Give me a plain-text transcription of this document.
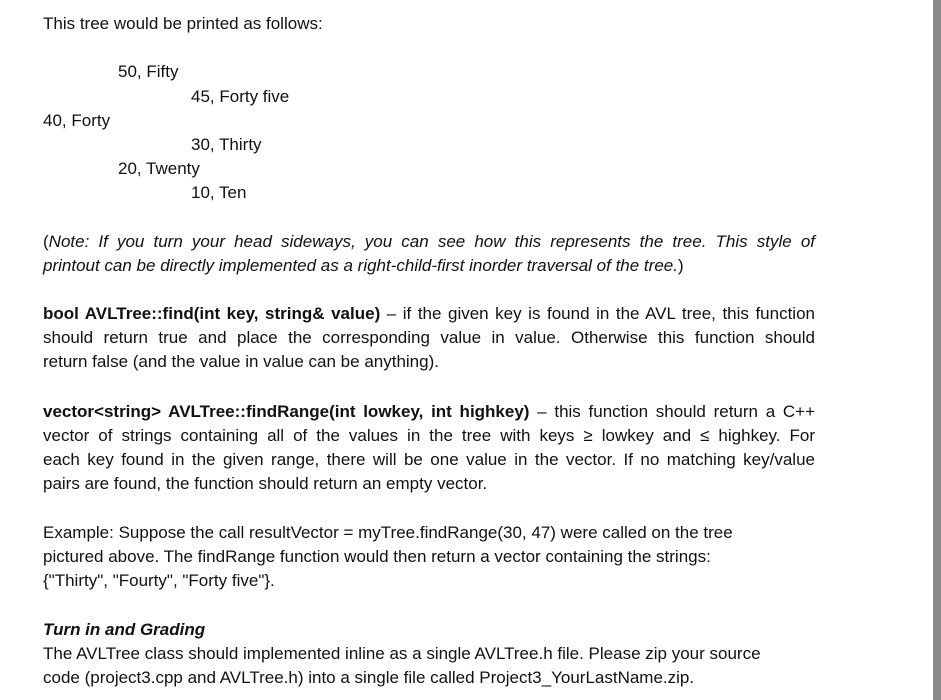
This tree would be printed as follows:
50, Fifty
45, Forty five
40, Forty
30, Thirty
20, Twenty
10, Ten
(Note: If you turn your head sideways, you can see how this represents the tree. This style of
printout can be directly implemented as a right-child-first inorder traversal of the tree.)
bool AVLTree::find(int key, string& value) – if the given key is found in the AVL tree, this function
should return true and place the corresponding value in value. Otherwise this function should
return false (and the value in value can be anything).
vector<string> AVLTree::findRange(int lowkey, int highkey) – this function should return a C++
vector of strings containing all of the values in the tree with keys ≥ lowkey and ≤ highkey. For
each key found in the given range, there will be one value in the vector. If no matching key/value
pairs are found, the function should return an empty vector.
Example: Suppose the call resultVector = myTree.findRange(30, 47) were called on the tree
pictured above. The findRange function would then return a vector containing the strings:
{"Thirty", "Fourty", "Forty five"}.
Turn in and Grading
The AVLTree class should implemented inline as a single AVLTree.h file. Please zip your source
code (project3.cpp and AVLTree.h) into a single file called Project3_YourLastName.zip.
